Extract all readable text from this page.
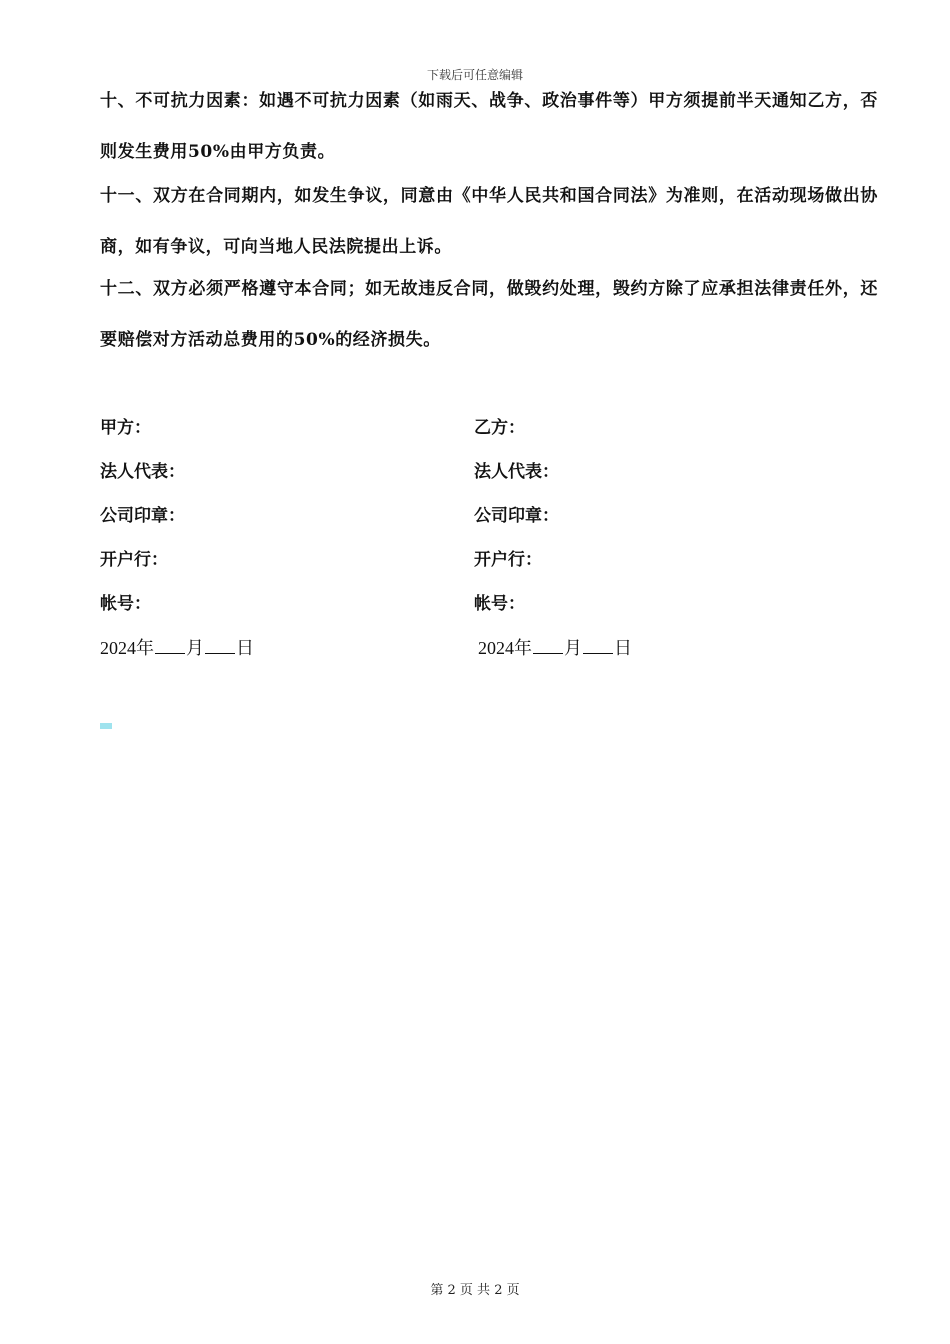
下载后可任意编辑

十、不可抗力因素：如遇不可抗力因素（如雨天、战争、政治事件等）甲方须提前半天通知乙方，否则发生费用50%由甲方负责。

十一、双方在合同期内，如发生争议，同意由《中华人民共和国合同法》为准则，在活动现场做出协商，如有争议，可向当地人民法院提出上诉。

十二、双方必须严格遵守本合同；如无故违反合同，做毁约处理，毁约方除了应承担法律责任外，还要赔偿对方活动总费用的50%的经济损失。

甲方：
法人代表：
公司印章：
开户行：
帐号：
2024年 月 日
乙方：
法人代表：
公司印章：
开户行：
帐号：
2024年 月 日
第 2 页 共 2 页
